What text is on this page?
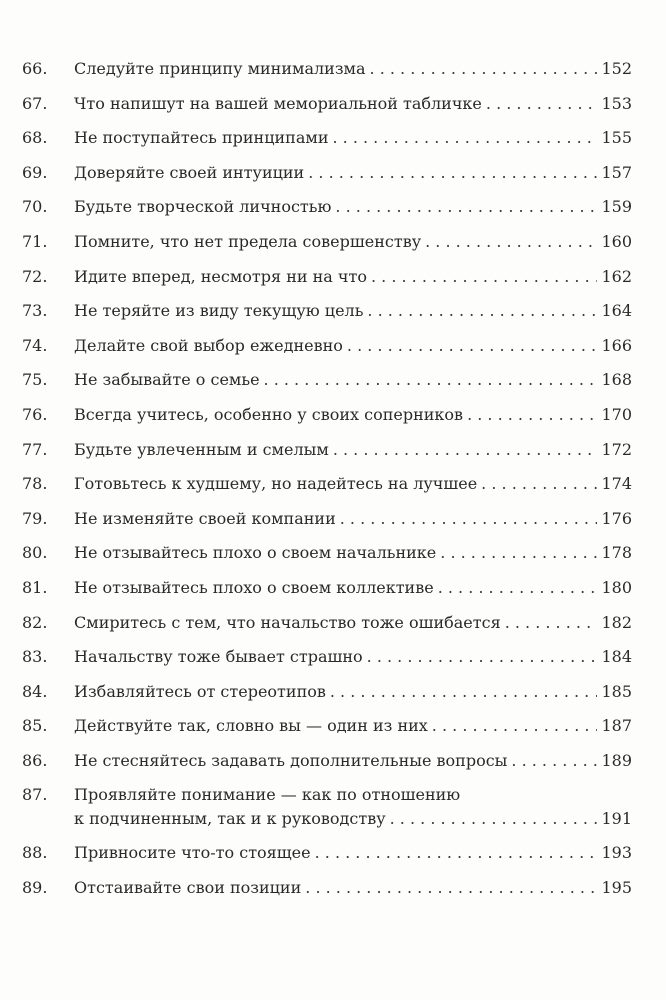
66.	Следуйте принципу минимализма . . .	152
67.	Что напишут на вашей мемориальной табличке . . .	153
68.	Не поступайтесь принципами . . .	155
69.	Доверяйте своей интуиции . . .	157
70.	Будьте творческой личностью . . .	159
71.	Помните, что нет предела совершенству . . .	160
72.	Идите вперед, несмотря ни на что . . .	162
73.	Не теряйте из виду текущую цель . . .	164
74.	Делайте свой выбор ежедневно . . .	166
75.	Не забывайте о семье . . .	168
76.	Всегда учитесь, особенно у своих соперников . . .	170
77.	Будьте увлеченным и смелым . . .	172
78.	Готовьтесь к худшему, но надейтесь на лучшее . . .	174
79.	Не изменяйте своей компании . . .	176
80.	Не отзывайтесь плохо о своем начальнике . . .	178
81.	Не отзывайтесь плохо о своем коллективе . . .	180
82.	Смиритесь с тем, что начальство тоже ошибается . . .	182
83.	Начальству тоже бывает страшно . . .	184
84.	Избавляйтесь от стереотипов . . .	185
85.	Действуйте так, словно вы — один из них . . .	187
86.	Не стесняйтесь задавать дополнительные вопросы . . .	189
87.	Проявляйте понимание — как по отношению
к подчиненным, так и к руководству . . .	191
88.	Привносите что-то стоящее . . .	193
89.	Отстаивайте свои позиции . . .	195
